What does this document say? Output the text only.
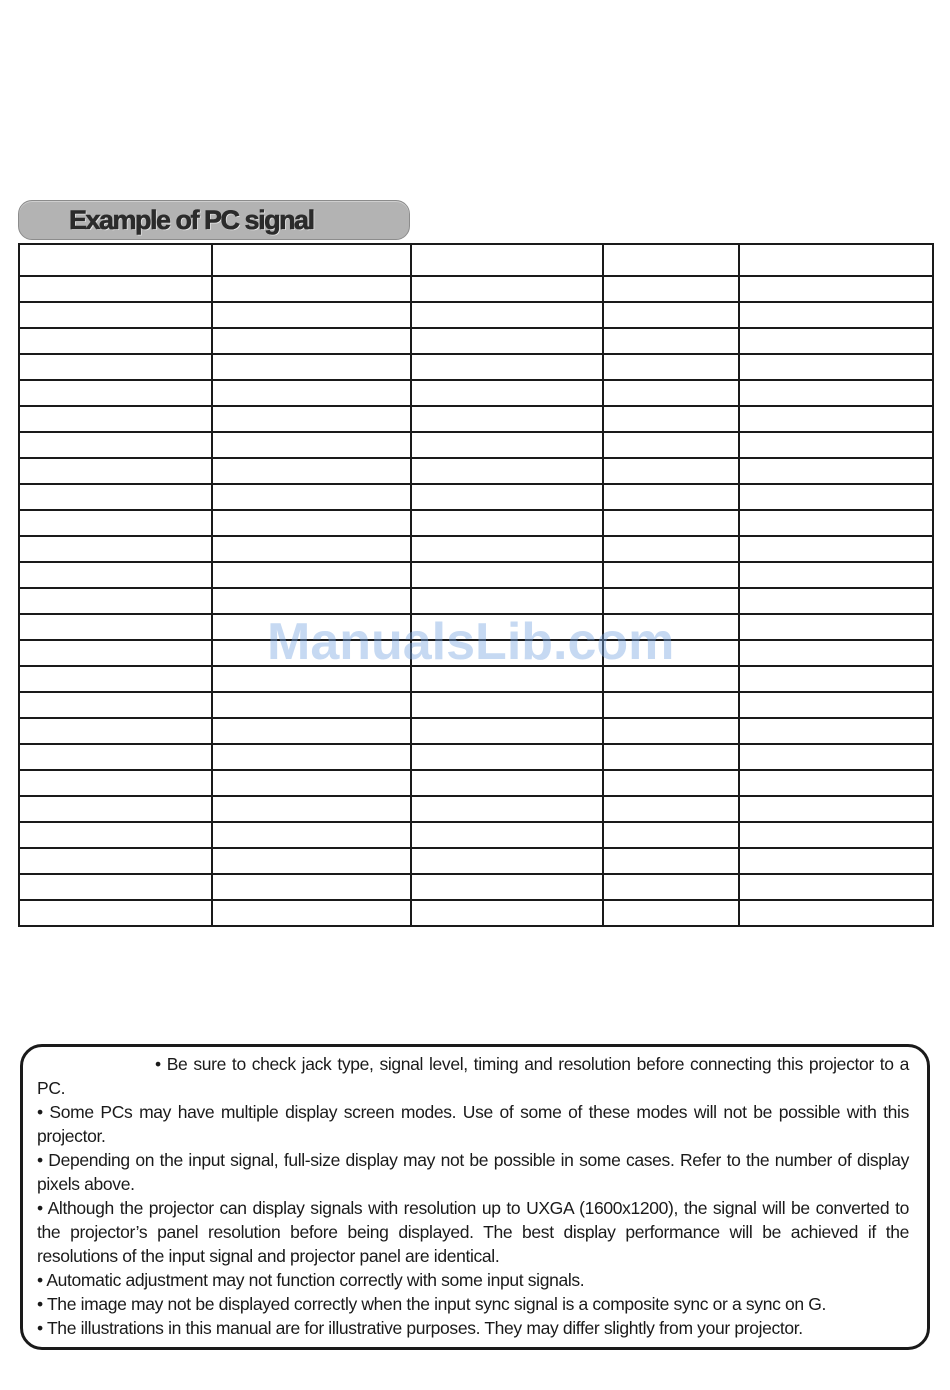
Example of PC signal

ManualsLib.com

• Be sure to check jack type, signal level, timing and resolution before connecting this projector to a PC.

• Some PCs may have multiple display screen modes. Use of some of these modes will not be possible with this projector.

• Depending on the input signal, full-size display may not be possible in some cases. Refer to the number of display pixels above.

• Although the projector can display signals with resolution up to UXGA (1600x1200), the signal will be converted to the projector’s panel resolution before being displayed. The best display performance will be achieved if the resolutions of the input signal and projector panel are identical.

• Automatic adjustment may not function correctly with some input signals.

• The image may not be displayed correctly when the input sync signal is a composite sync or a sync on G.

• The illustrations in this manual are for illustrative purposes. They may differ slightly from your projector.
